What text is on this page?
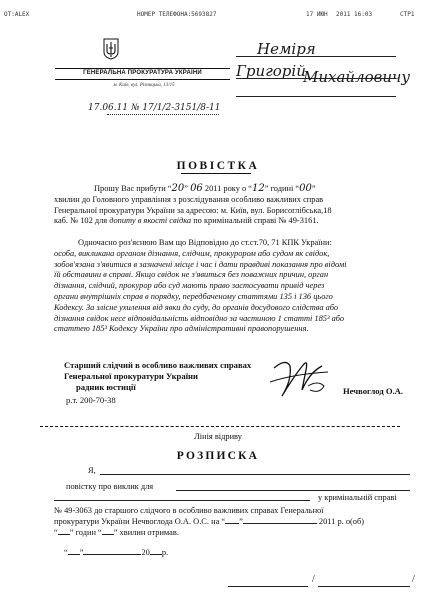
ОТ:ALEX	НОМЕР ТЕЛЕФОНА:5693827	17 ИЮН 2011 16:03	СТР1
ГЕНЕРАЛЬНА ПРОКУРАТУРА УКРАЇНИ
м. Київ, вул. Різницька, 13/15
17.06.11 № 17/1/2-3151/8-11
Неміря
Григорій
Михайловичу
ПОВІСТКА
Прошу Вас прибути “20” 06 2011 року о “12” годині “00”
хвилин до Головного управління з розслідування особливо важливих справ
Генеральної прокуратури України за адресою: м. Київ, вул. Борисоглібська,18
каб. № 102 для допиту в якості свідка по кримінальній справі № 49-3161.
Одночасно роз'яснюю Вам що Відповідно до ст.ст.70, 71 КПК України:
особа, викликана органом дізнання, слідчим, прокурором або судом як свідок,
зобов'язана з'явитися в зазначені місце і час і дати правдиві показання про відомі
їй обставини в справі. Якщо свідок не з'явиться без поважних причин, орган
дізнання, слідчий, прокурор або суд мають право застосувати привід через
органи внутрішніх справ в порядку, передбаченому статтями 135 і 136 цього
Кодексу. За злісне ухилення від явки до суду, до органів досудового слідства або
дізнання свідок несе відповідальність відповідно за частиною 1 статті 185³ або
статтею 185³ Кодексу України про адміністративні правопорушення.
Старший слідчий в особливо важливих справах
Генеральної прокуратури України
радник юстиції
р.т. 200-70-38
Нечвоглод О.А.
Лінія відриву
РОЗПИСКА
Я,
повістку про виклик для
у кримінальній справі
№ 49-3063 до старшого слідчого в особливо важливих справах Генеральної
прокуратури України Нечвоглода О.А. О.С. на “ ”	2011 р. о(об)
“ ” годин “ ” хвилин отримав.
“ ”	20 р.
/	/
